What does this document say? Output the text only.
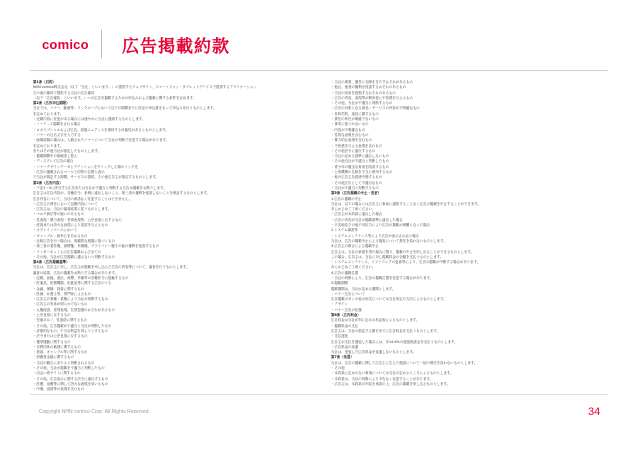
comico 広告掲載約款
第1条（目的）
NHN comico株式会社（以下「当社」といいます。）の提供するウェブサイト、スマートフォン・タブレットデバイスで提供するアプリケーション
その他の媒体で提供する当社の広告媒体
（以下「広告媒体」といいます。）への広告を掲載するための申込みおよび掲載に関する条件を定めます。
第2条（広告申込期限）
当社では、バナー、動画等、ランクルーブにおいて以下の期間までに所定の申込書をもって申込みを行うものとします。
を定めております。
・記載内容に変更がある場合には速やかに当社に連絡するものとします。
・ノーティス掲載をされる場合
・ロボラブシャルおよび広告、原版ニュアンスを保持する可能性があるとものとします。
・バナーの社名文字を入力する
・画像原稿の場合は、入稿されたバナーについて当社の判断で変更する場合があります。
を定めております。
またはその他当社が指定したものとします。
・掲載期間中の原稿差し替え
・ディスプレイ広告の場合
・バナーデザインデータとアテンションをクリックした際のリンク先
・広告の掲載されるページと同等の位置と表示
で当社が規定する期間、サービスの提供、その他広告主が指定するものとします。
第3条（広告内容）
・下記1〜5に該当する広告または当社が不適当と判断する広告は掲載をお断りします。
広告主は広告内容が、各種法令、条例に違反しないこと、第三者の権利を侵害しないことを保証するものとします。
広告内容について、当社の承諾なく変更することはできません。
・広告主の責任において記載内容について
・広告主は、当社の審査結果に従うものとします。
・マルチ商法等の疑いのあるもの
・性表現・暴力表現・差別表現等、公序良俗に反するもの
・虚偽または誇大な表現により誤認を与えるもの
・オプトインページにおいて
・ギャンブル・射幸心をあおるもの
・比較広告を行う場合は、客観的な根拠に基づくもの
・第三者の著作権、商標権、肖像権、プライバシー権その他の権利を侵害するもの
・インターネット上の広告掲載および全ての
・その他、当社が広告掲載に適さないと判断するもの
第4条（広告掲載基準）
当社は、広告主に対し、広告主が掲載を申し込んだ広告の内容等について、審査を行うものとします。
審査の結果、広告の掲載をお断りする場合があります。
・記載、登録、意匠、商標、肖像等の各種法令に抵触するもの
・医薬品、医療機器、化粧品等に関する広告のうち
・金融、保険、投資に関するもの
・医師、弁護士等、専門家によるもの
・広告主の業種・業態により当社が判断するもの
・広告主の実体が明らかでないもの
・人権侵害、差別表現、名誉毀損のおそれがあるもの
・公序良俗に反するもの
・児童ポルノ、性風俗に関するもの
・その他、広告掲載が不適当と当社が判断したもの
・詐欺的なもの、不当な利益を得ようとするもの
・法令または公序良俗に反するもの
・選挙運動に関するもの
・宗教団体の勧誘に関するもの
・投資、ギャンブル等に関するもの
・消費者金融に関するもの
・当社の競合にあたると判断されるもの
・その他、当社が掲載を不適当と判断したもの
・出会い系サイトに関するもの
・その他、広告表示に関する法令に違反するもの
・医療、治療等に関して誇大な表現を用いるもの
・中傷、誹謗等の表現を含むもの
・当社の事業、運営に支障をきたすおそれがあるもの
・他社、他者の権利を侵害するおそれのあるもの
・当社の信用を毀損するおそれのあるもの
・広告の内容、表現等が利用者に不快感を与えるもの
・その他、当社が不適当と判断するもの
・広告の対象となる商品・サービスの内容が不明確なもの
・非科学的、迷信に類するもの
・責任の所在が明確でないもの
・事実に基づかないもの
・内容が不明確なもの
・性的な表現を含むもの
・暴力的な表現を含むもの
・不快感を与える表現を含むもの
・その他法令に違反するもの
・当社の定める基準に適合しないもの
・その他当社が不適当と判断したもの
・青少年の健全な育成を阻害するもの
・公的機関の名称を不当に使用するもの
・他の広告主を誹謗中傷するもの
・その他広告として不適当なもの
・当社が不適当と判断するもの
第5条（広告掲載の中止・変更）
1.広告の掲載の中止
当社は、以下の場合には広告主に事前に通知することなく広告の掲載を中止することができます。
あらかじめご了承ください。
・広告主が本約款に違反した場合
・広告の内容が当社の掲載基準に違反した場合
・天災地変その他不可抗力により広告の掲載が困難となった場合
2.システム障害等
・システムメンテナンス等により広告が表示されない場合
当社は、広告の掲載中止による損害について責任を負わないものとします。
3.広告主の都合による掲載中止
広告主は、当社の承諾を得た場合に限り、掲載の中止を申し出ることができるものとします。
この場合、広告主は、当社に対し掲載料金の全額を支払うものとします。
・システムメンテナンス、ソフトウェアの更新等により、広告の掲載が中断する場合があります。
あらかじめご了承ください。
4.広告の掲載位置
・当社の判断により、広告の掲載位置を変更する場合があります。
5.掲載期間
掲載期間は、当社が定める期間とします。
・パナー広告について
広告掲載ボタンの表示形式については当社所定の方法によるものとします。
・デザイン
・パナー広告の仕様
第6条（広告料金）
広告料金は当社が別に定める料金表によるものとします。
・掲載料金の支払
広告主は、当社の指定する期日までに広告料金を支払うものとします。
・支払遅延
広告主が支払を遅延した場合には、年14.6%の遅延損害金を支払うものとします。
・広告料金の返還
当社は、受領した広告料金を返還しないものとします。
第7条（免責）
当社は、広告の掲載に関して広告主に生じた損害について一切の責任を負わないものとします。
・その他
・本約款に定めのない事項については当社の定めるところによるものとします。
・本約款は、当社の判断により予告なく変更することがあります。
・広告主は、本約款の内容を承諾の上、広告の掲載を申し込むものとします。
Copyright NHN comico Corp. All Rights Reserved.	34
